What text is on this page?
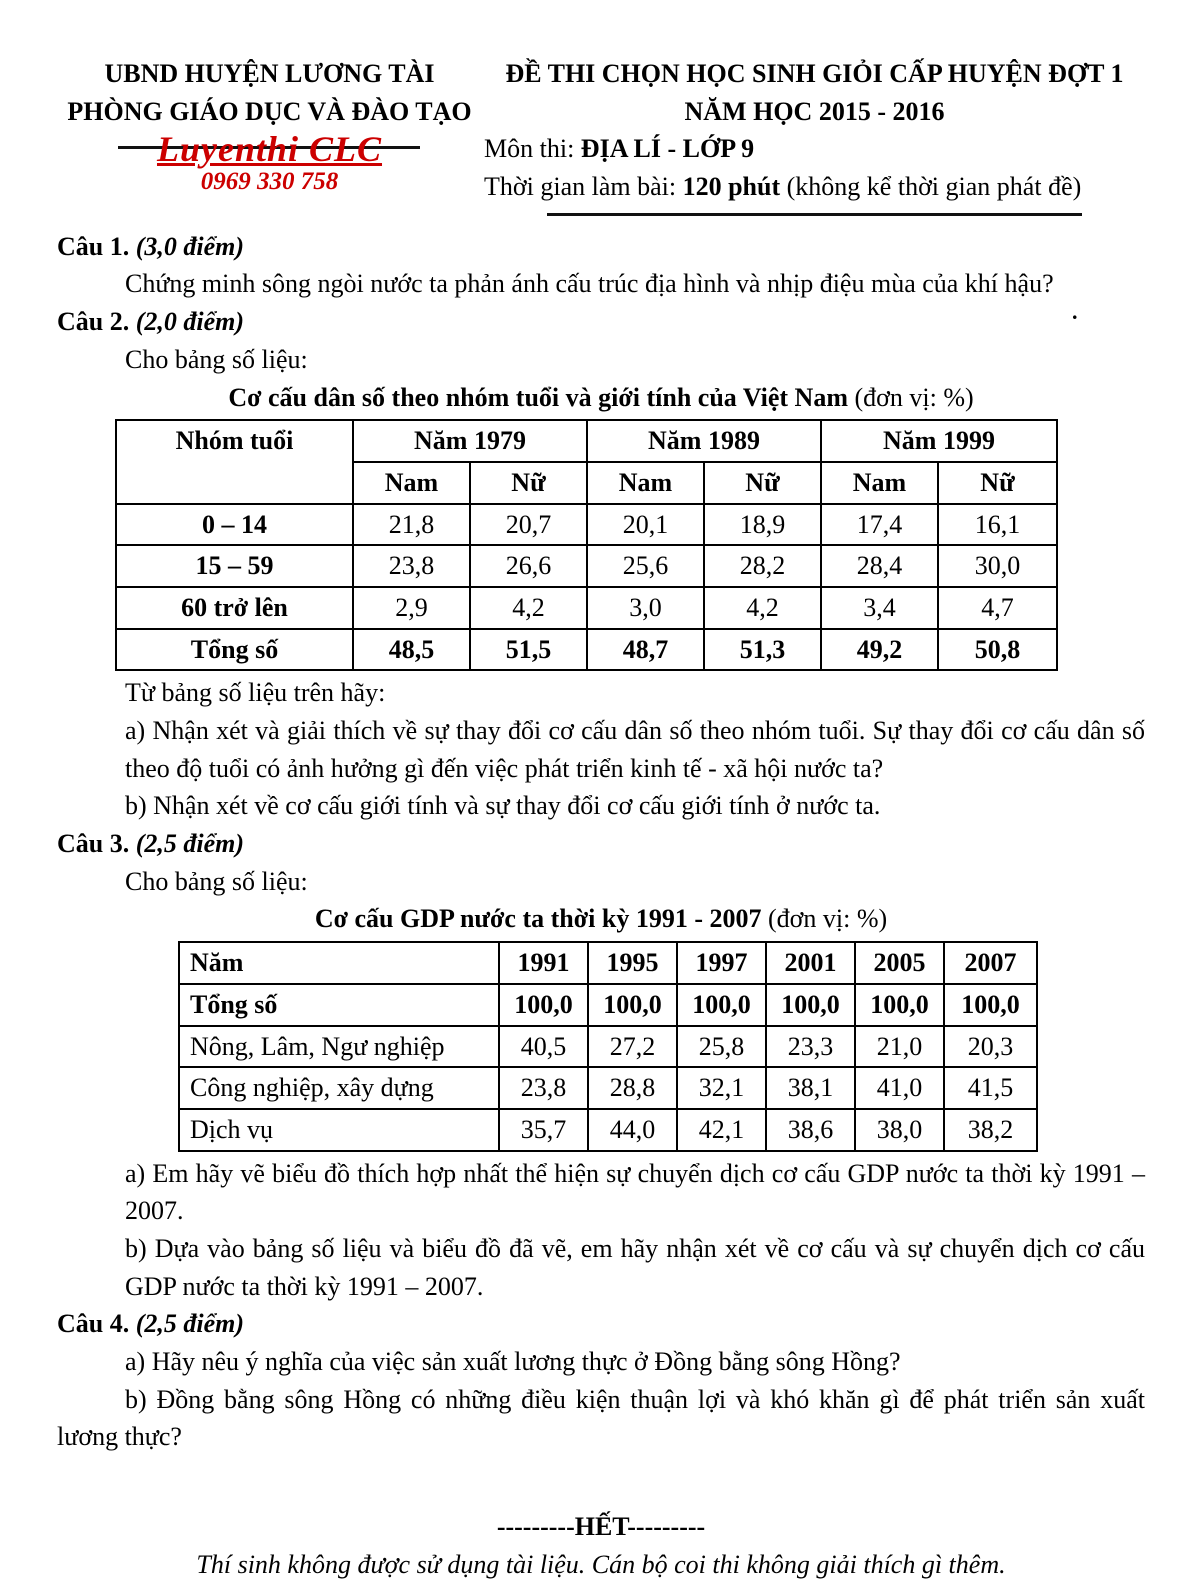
UBND HUYỆN LƯƠNG TÀI
PHÒNG GIÁO DỤC VÀ ĐÀO TẠO
Luyenthi CLC
0969 330 758
ĐỀ THI CHỌN HỌC SINH GIỎI CẤP HUYỆN ĐỢT 1
NĂM HỌC 2015 - 2016
Môn thi: ĐỊA LÍ - LỚP 9
Thời gian làm bài: 120 phút (không kể thời gian phát đề)
.

Câu 1. (3,0 điểm)

Chứng minh sông ngòi nước ta phản ánh cấu trúc địa hình và nhịp điệu mùa của khí hậu?

Câu 2. (2,0 điểm)

Cho bảng số liệu:

Cơ cấu dân số theo nhóm tuổi và giới tính của Việt Nam (đơn vị: %)

Nhóm tuổi	Năm 1979		Năm 1989		Năm 1999	
	Nam	Nữ	Nam	Nữ	Nam	Nữ
0 – 14	21,8	20,7	20,1	18,9	17,4	16,1
15 – 59	23,8	26,6	25,6	28,2	28,4	30,0
60 trở lên	2,9	4,2	3,0	4,2	3,4	4,7
Tổng số	48,5	51,5	48,7	51,3	49,2	50,8

Từ bảng số liệu trên hãy:

a) Nhận xét và giải thích về sự thay đổi cơ cấu dân số theo nhóm tuổi. Sự thay đổi cơ cấu dân số theo độ tuổi có ảnh hưởng gì đến việc phát triển kinh tế - xã hội nước ta?

b) Nhận xét về cơ cấu giới tính và sự thay đổi cơ cấu giới tính ở nước ta.

Câu 3. (2,5 điểm)

Cho bảng số liệu:

Cơ cấu GDP nước ta thời kỳ 1991 - 2007 (đơn vị: %)

Năm	1991	1995	1997	2001	2005	2007
Tổng số	100,0	100,0	100,0	100,0	100,0	100,0
Nông, Lâm, Ngư nghiệp	40,5	27,2	25,8	23,3	21,0	20,3
Công nghiệp, xây dựng	23,8	28,8	32,1	38,1	41,0	41,5
Dịch vụ	35,7	44,0	42,1	38,6	38,0	38,2

a) Em hãy vẽ biểu đồ thích hợp nhất thể hiện sự chuyển dịch cơ cấu GDP nước ta thời kỳ 1991 – 2007.

b) Dựa vào bảng số liệu và biểu đồ đã vẽ, em hãy nhận xét về cơ cấu và sự chuyển dịch cơ cấu GDP nước ta thời kỳ 1991 – 2007.

Câu 4. (2,5 điểm)

a) Hãy nêu ý nghĩa của việc sản xuất lương thực ở Đồng bằng sông Hồng?

b) Đồng bằng sông Hồng có những điều kiện thuận lợi và khó khăn gì để phát triển sản xuất lương thực?

---------HẾT---------

Thí sinh không được sử dụng tài liệu. Cán bộ coi thi không giải thích gì thêm.
